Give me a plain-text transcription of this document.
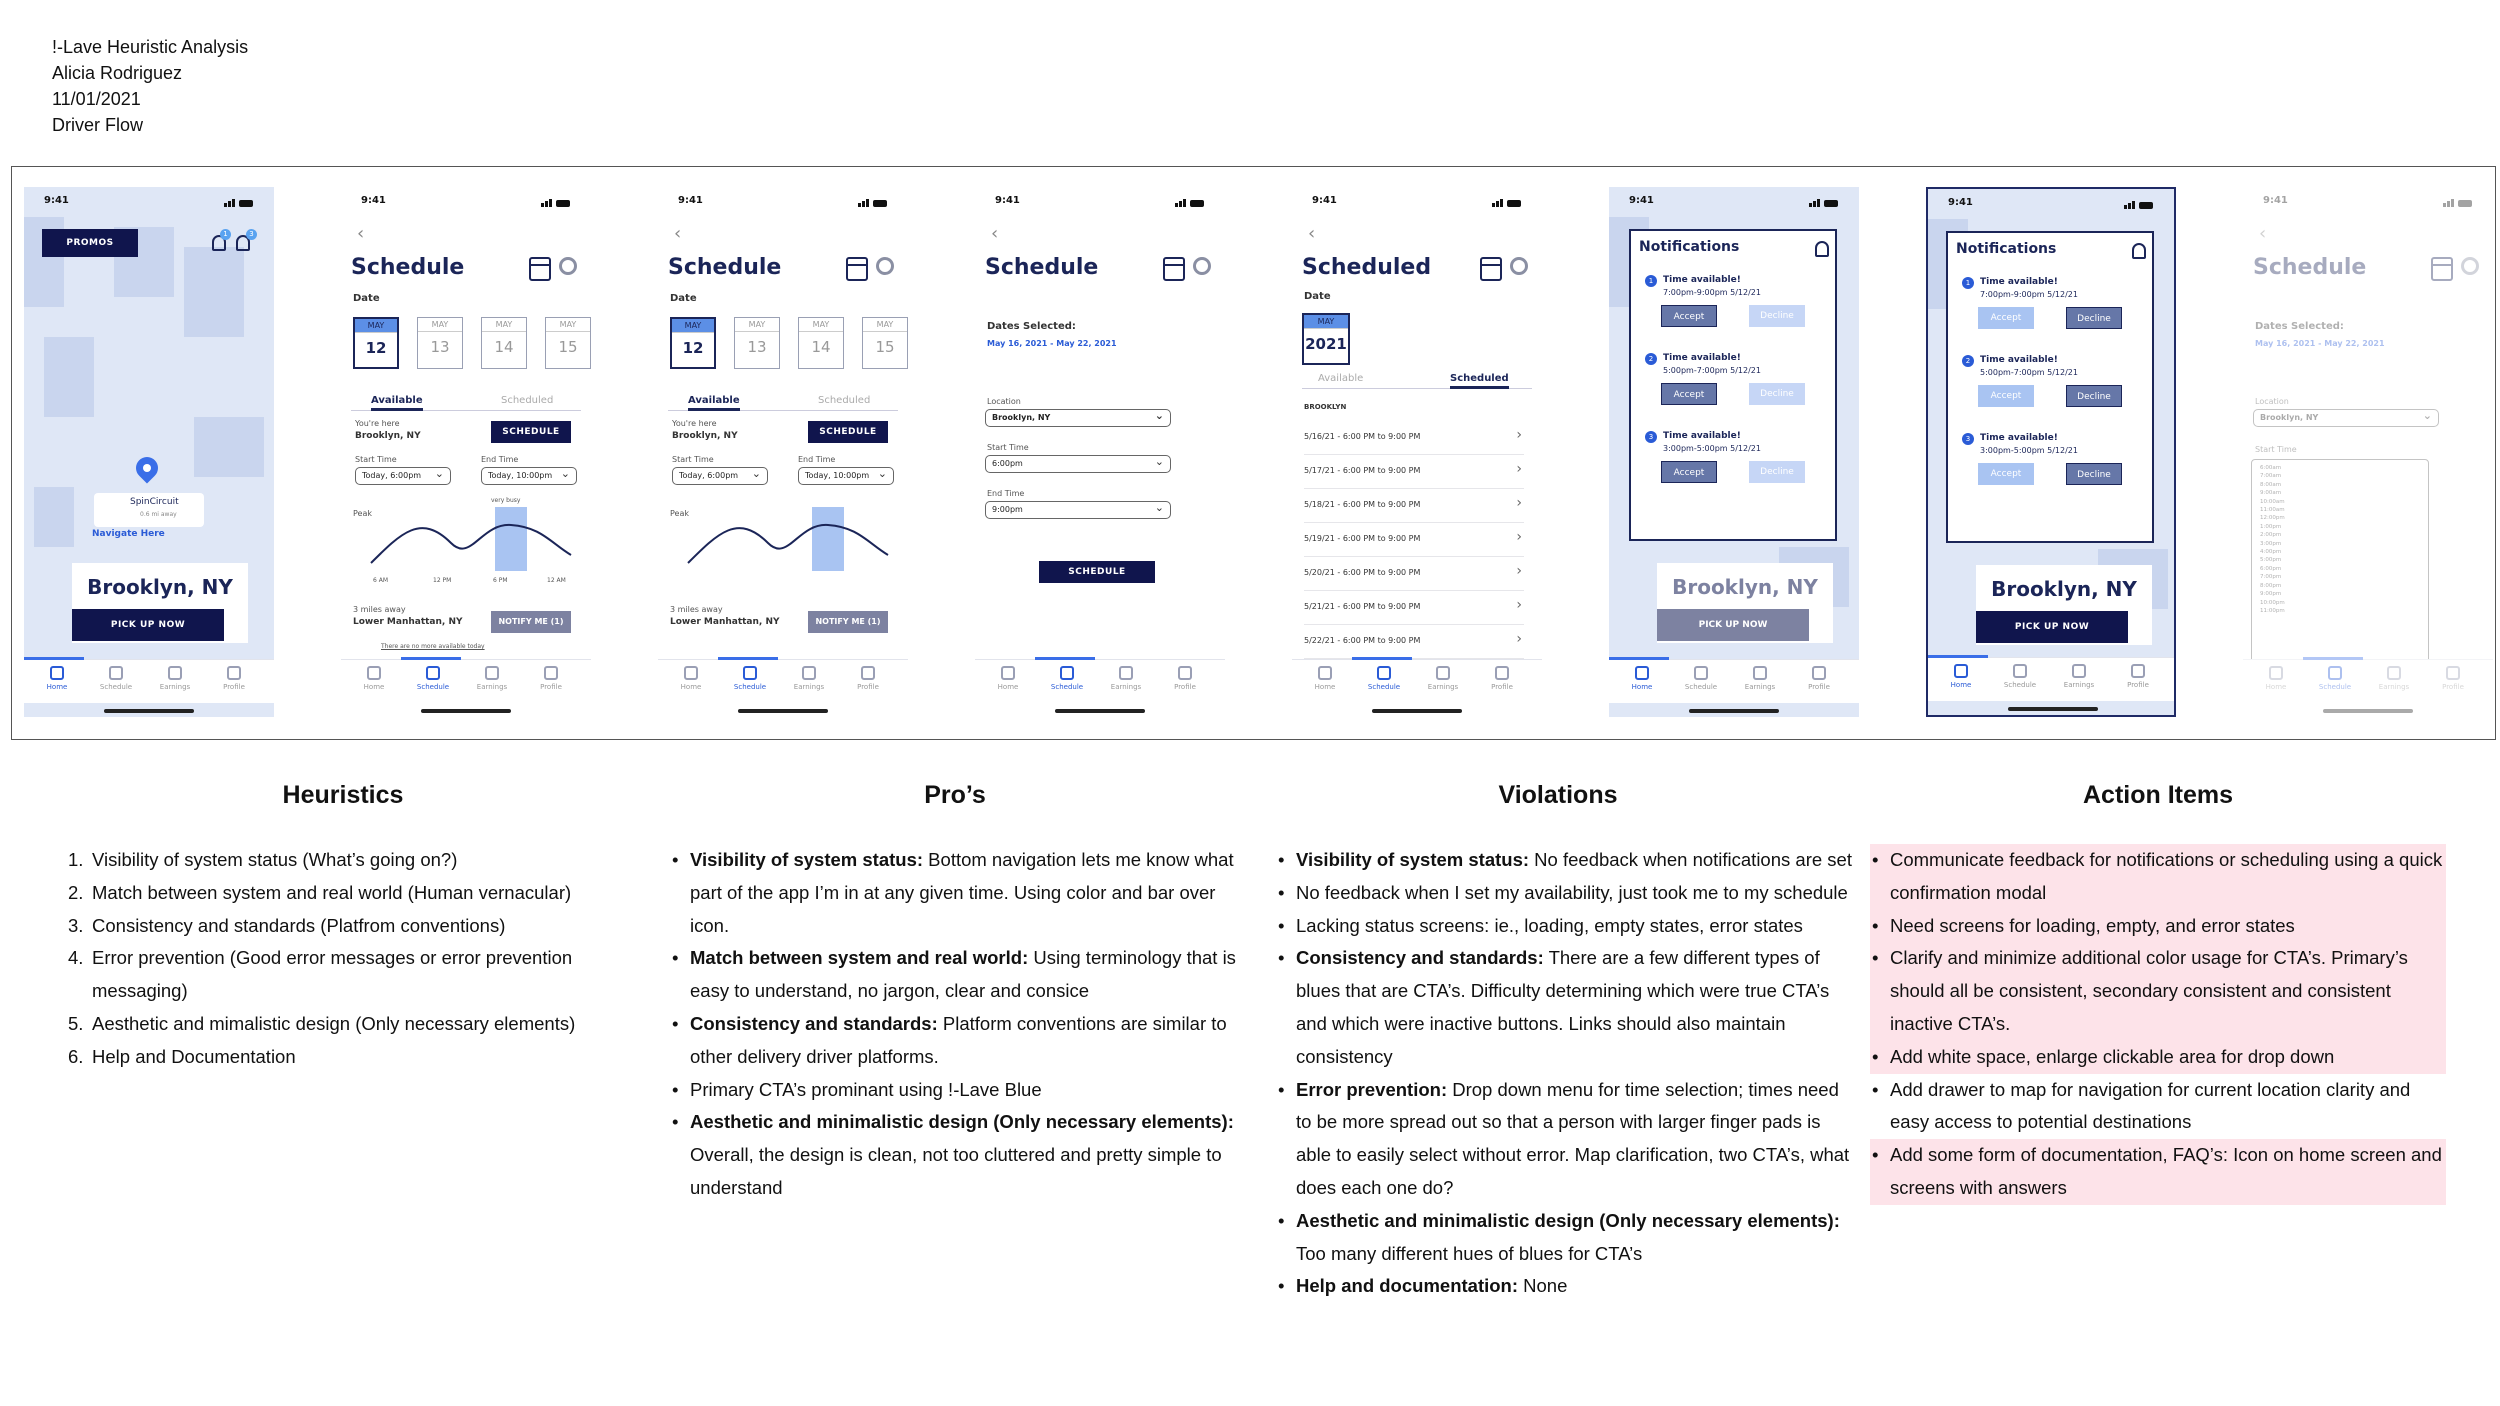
!-Lave Heuristic Analysis
Alicia Rodriguez
11/01/2021
Driver Flow
9:41
PROMOS
1	3
SpinCircuit
0.6 mi away
Navigate Here
Brooklyn, NY
PICK UP NOW
Home	Schedule	Earnings	Profile
9:41
‹
Schedule
Date
MAY
12
MAY
13
MAY
14
MAY
15
Available	Scheduled
You're here
Brooklyn, NY	SCHEDULE
Start Time	End Time
Today, 6:00pm ⌄	Today, 10:00pm ⌄
Peak
very busy
6 AM	12 PM	6 PM	12 AM
3 miles away
Lower Manhattan, NY	NOTIFY ME (1)
There are no more available today
Home	Schedule	Earnings	Profile
9:41
‹
Schedule
Date
MAY
12
MAY
13
MAY
14
MAY
15
Available	Scheduled
You're here
Brooklyn, NY	SCHEDULE
Start Time	End Time
Today, 6:00pm ⌄	Today, 10:00pm ⌄
Peak
3 miles away
Lower Manhattan, NY	NOTIFY ME (1)
Home	Schedule	Earnings	Profile
9:41
‹
Schedule
Dates Selected:
May 16, 2021 - May 22, 2021
Location
Brooklyn, NY ⌄
Start Time
6:00pm ⌄
End Time
9:00pm ⌄
SCHEDULE
Home	Schedule	Earnings	Profile
9:41
‹
Scheduled
Date
MAY
2021
Available	Scheduled
BROOKLYN
5/16/21 - 6:00 PM to 9:00 PM ›
5/17/21 - 6:00 PM to 9:00 PM ›
5/18/21 - 6:00 PM to 9:00 PM ›
5/19/21 - 6:00 PM to 9:00 PM ›
5/20/21 - 6:00 PM to 9:00 PM ›
5/21/21 - 6:00 PM to 9:00 PM ›
5/22/21 - 6:00 PM to 9:00 PM ›
Home	Schedule	Earnings	Profile
9:41
Notifications
1	Time available!
7:00pm-9:00pm 5/12/21
Accept	Decline
2	Time available!
5:00pm-7:00pm 5/12/21
Accept	Decline
3	Time available!
3:00pm-5:00pm 5/12/21
Accept	Decline
Brooklyn, NY
PICK UP NOW
Home	Schedule	Earnings	Profile
9:41
Notifications
1	Time available!
7:00pm-9:00pm 5/12/21
Accept	Decline
2	Time available!
5:00pm-7:00pm 5/12/21
Accept	Decline
3	Time available!
3:00pm-5:00pm 5/12/21
Accept	Decline
Brooklyn, NY
PICK UP NOW
Home	Schedule	Earnings	Profile
9:41
‹
Schedule
Dates Selected:
May 16, 2021 - May 22, 2021
Location
Brooklyn, NY ⌄
Start Time
6:00am
7:00am
8:00am
9:00am
10:00am
11:00am
12:00pm
1:00pm
2:00pm
3:00pm
4:00pm
5:00pm
6:00pm
7:00pm
8:00pm
9:00pm
10:00pm
11:00pm
Home	Schedule	Earnings	Profile
Heuristics	Pro’s	Violations	Action Items
1. Visibility of system status (What’s going on?)
2. Match between system and real world (Human vernacular)
3. Consistency and standards (Platfrom conventions)
4. Error prevention (Good error messages or error prevention messaging)
5. Aesthetic and mimalistic design (Only necessary elements)
6. Help and Documentation
• Visibility of system status: Bottom navigation lets me know what part of the app I’m in at any given time. Using color and bar over icon.
• Match between system and real world: Using terminology that is easy to understand, no jargon, clear and consice
• Consistency and standards: Platform conventions are similar to other delivery driver platforms.
• Primary CTA’s prominant using !-Lave Blue
• Aesthetic and minimalistic design (Only necessary elements): Overall, the design is clean, not too cluttered and pretty simple to understand
• Visibility of system status: No feedback when notifications are set
• No feedback when I set my availability, just took me to my schedule
• Lacking status screens: ie., loading, empty states, error states
• Consistency and standards: There are a few different types of blues that are CTA’s. Difficulty determining which were true CTA’s and which were inactive buttons. Links should also maintain consistency
• Error prevention: Drop down menu for time selection; times need to be more spread out so that a person with larger finger pads is able to easily select without error. Map clarification, two CTA’s, what does each one do?
• Aesthetic and minimalistic design (Only necessary elements): Too many different hues of blues for CTA’s
• Help and documentation: None
• Communicate feedback for notifications or scheduling using a quick confirmation modal
• Need screens for loading, empty, and error states
• Clarify and minimize additional color usage for CTA’s. Primary’s should all be consistent, secondary consistent and consistent inactive CTA’s.
• Add white space, enlarge clickable area for drop down
• Add drawer to map for navigation for current location clarity and easy access to potential destinations
• Add some form of documentation, FAQ’s: Icon on home screen and screens with answers
